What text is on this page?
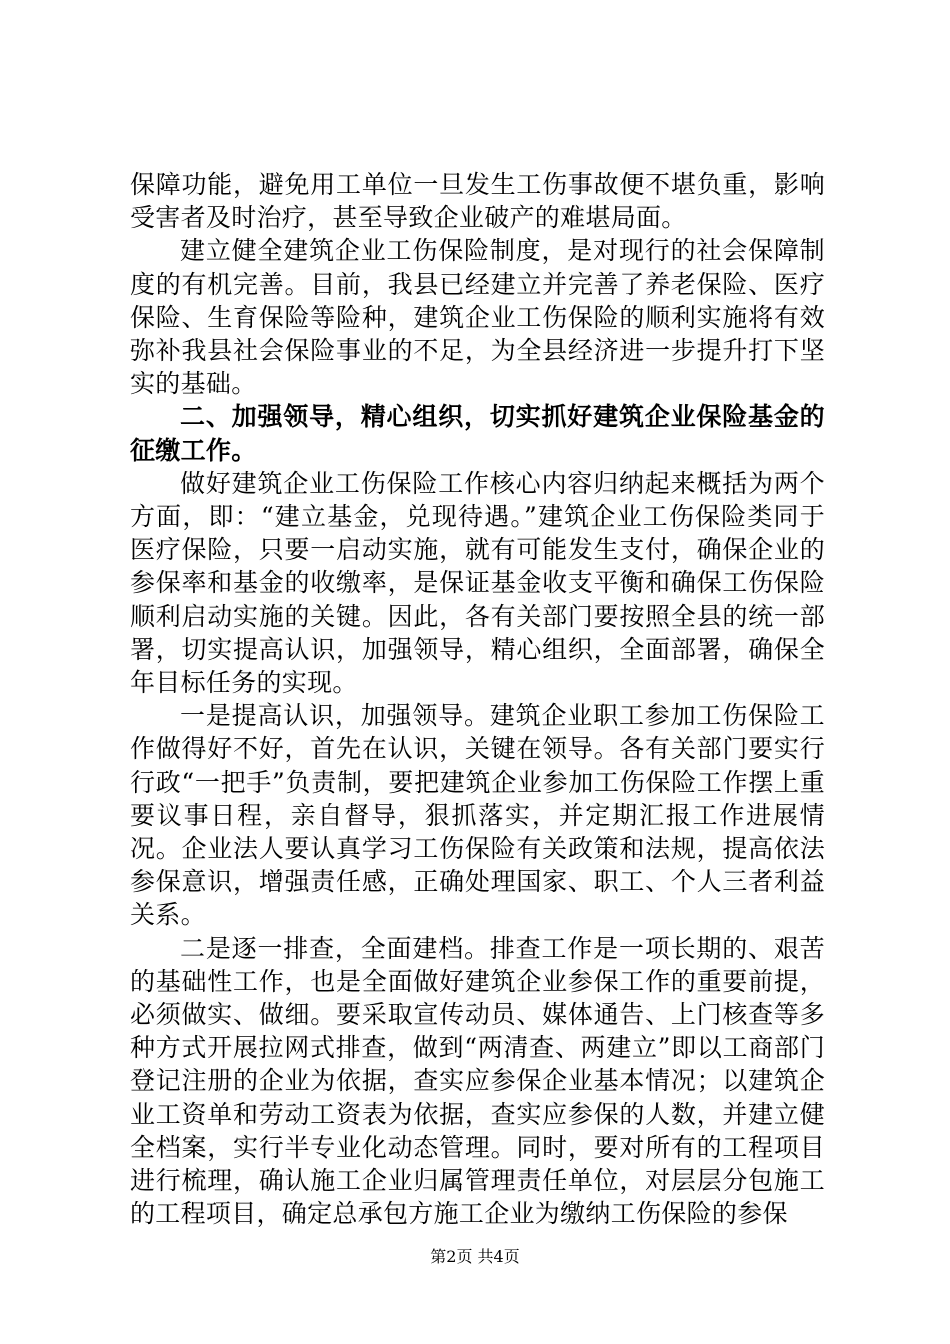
保障功能，避免用工单位一旦发生工伤事故便不堪负重，影响受害者及时治疗，甚至导致企业破产的难堪局面。

建立健全建筑企业工伤保险制度，是对现行的社会保障制度的有机完善。目前，我县已经建立并完善了养老保险、医疗保险、生育保险等险种，建筑企业工伤保险的顺利实施将有效弥补我县社会保险事业的不足，为全县经济进一步提升打下坚实的基础。

二、加强领导，精心组织，切实抓好建筑企业保险基金的征缴工作。

做好建筑企业工伤保险工作核心内容归纳起来概括为两个方面，即：“建立基金，兑现待遇。”建筑企业工伤保险类同于医疗保险，只要一启动实施，就有可能发生支付，确保企业的参保率和基金的收缴率，是保证基金收支平衡和确保工伤保险顺利启动实施的关键。因此，各有关部门要按照全县的统一部署，切实提高认识，加强领导，精心组织，全面部署，确保全年目标任务的实现。

一是提高认识，加强领导。建筑企业职工参加工伤保险工作做得好不好，首先在认识，关键在领导。各有关部门要实行行政“一把手”负责制，要把建筑企业参加工伤保险工作摆上重要议事日程，亲自督导，狠抓落实，并定期汇报工作进展情况。企业法人要认真学习工伤保险有关政策和法规，提高依法参保意识，增强责任感，正确处理国家、职工、个人三者利益关系。

二是逐一排查，全面建档。排查工作是一项长期的、艰苦的基础性工作，也是全面做好建筑企业参保工作的重要前提，必须做实、做细。要采取宣传动员、媒体通告、上门核查等多种方式开展拉网式排查，做到“两清查、两建立”即以工商部门登记注册的企业为依据，查实应参保企业基本情况；以建筑企业工资单和劳动工资表为依据，查实应参保的人数，并建立健全档案，实行半专业化动态管理。同时，要对所有的工程项目进行梳理，确认施工企业归属管理责任单位，对层层分包施工的工程项目，确定总承包方施工企业为缴纳工伤保险的参保

第2页 共4页
